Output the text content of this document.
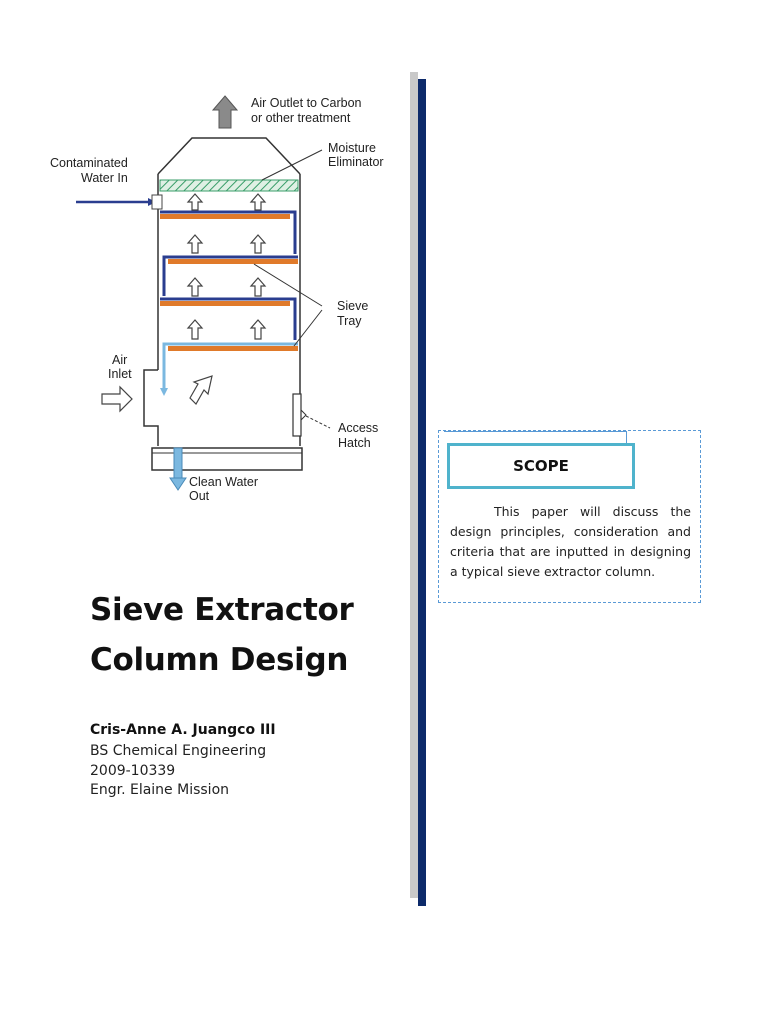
Air Outlet to Carbon
or other treatment
Moisture
Eliminator
Contaminated
Water In
Sieve
Tray
Air
Inlet
Access
Hatch
Clean Water
Out
Sieve Extractor
Column Design
Cris-Anne A. Juangco III
BS Chemical Engineering
2009-10339
Engr. Elaine Mission
SCOPE

This paper will discuss the design principles, consideration and criteria that are inputted in designing a typical sieve extractor column.
